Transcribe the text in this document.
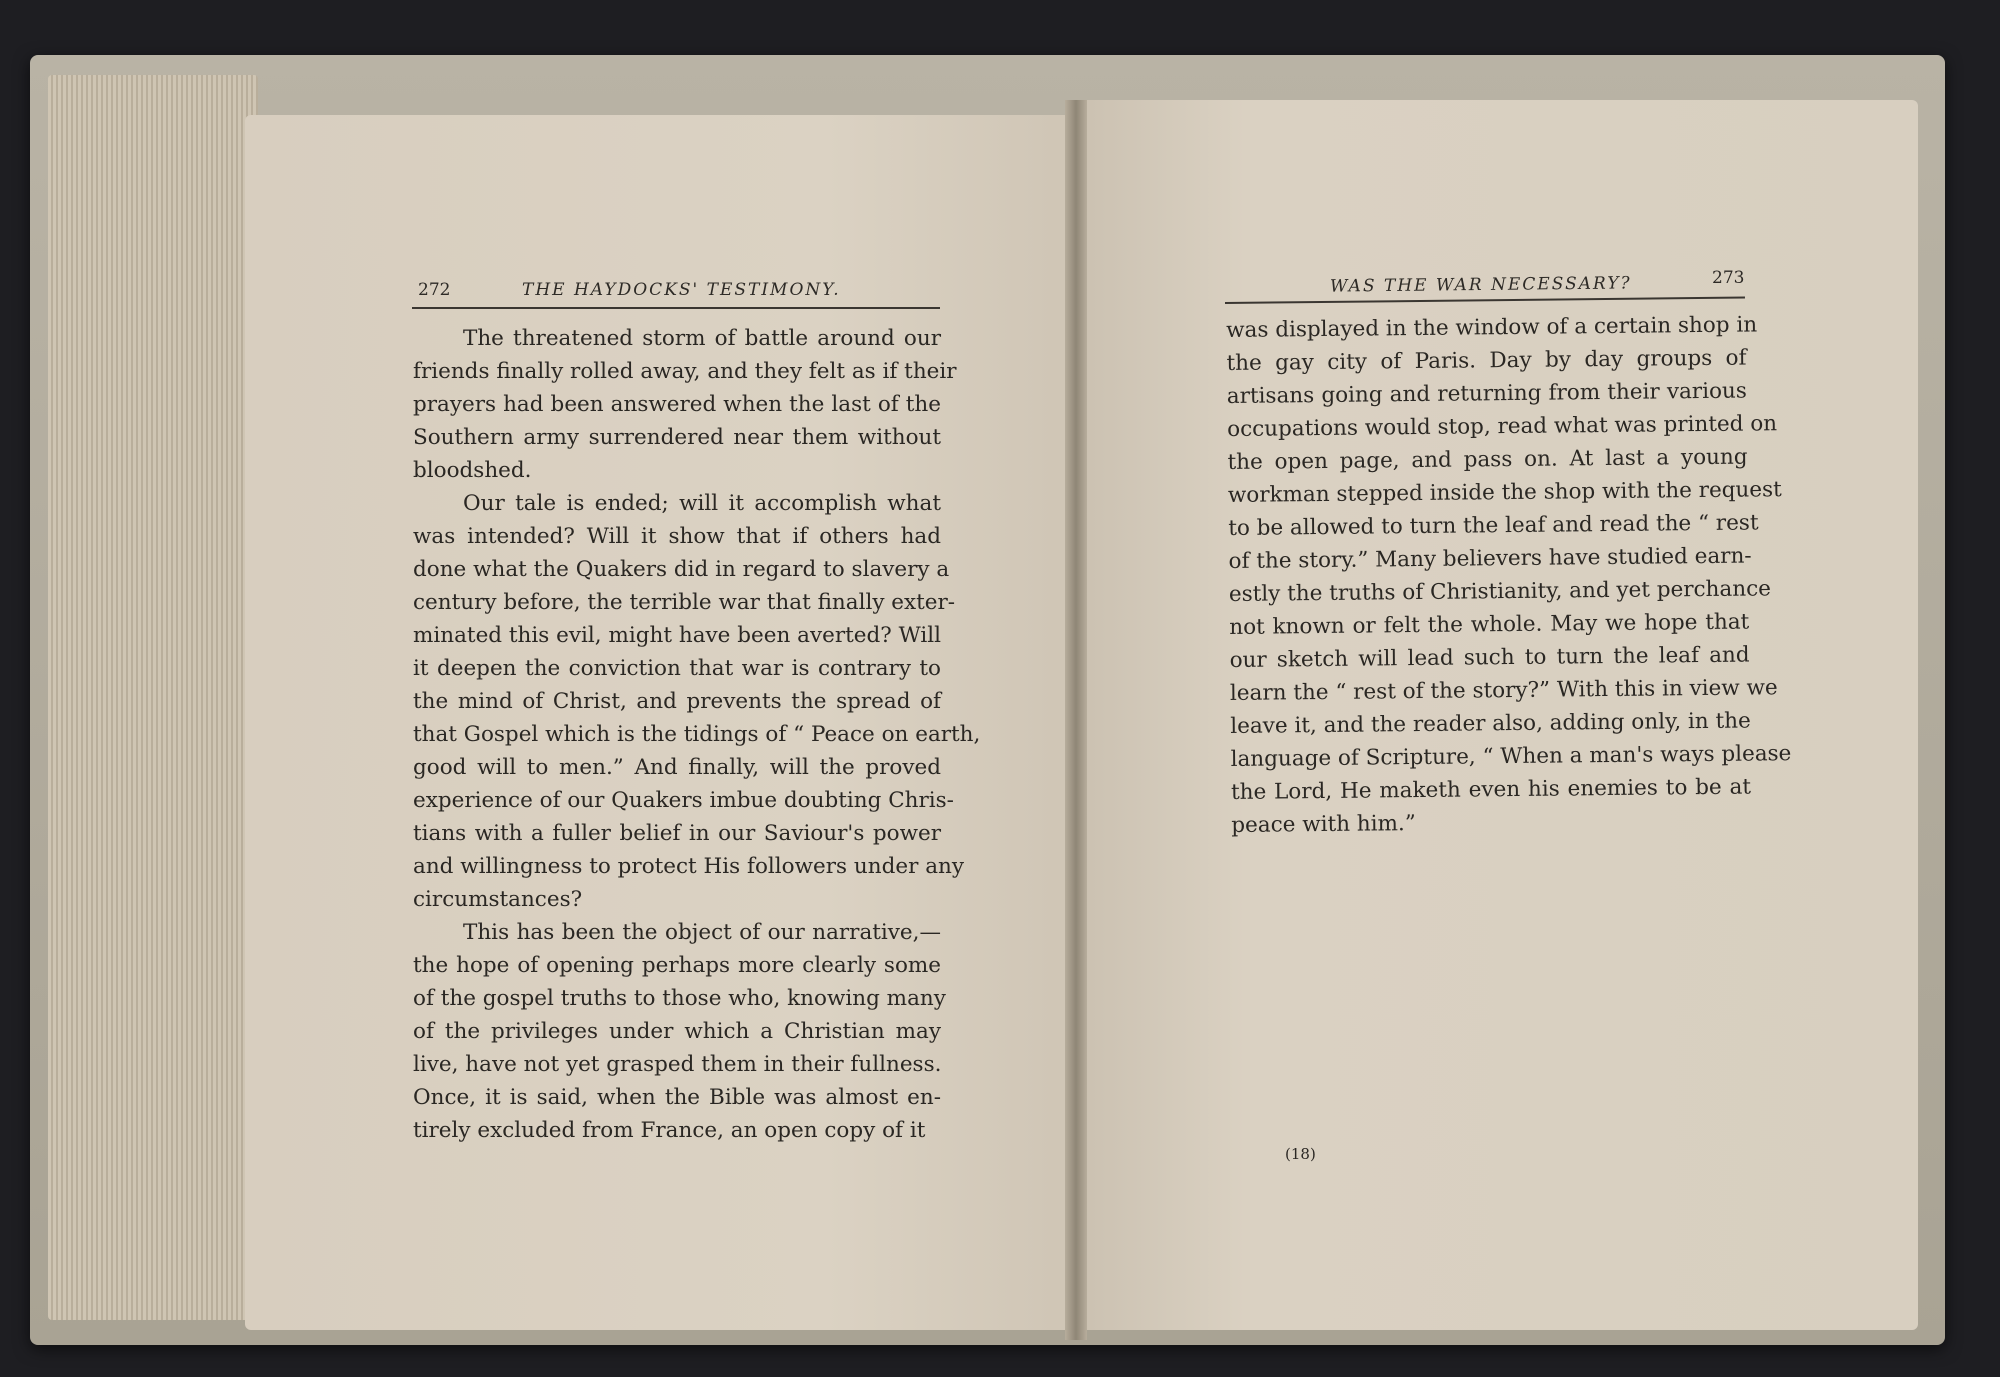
272	THE HAYDOCKS' TESTIMONY.
The threatened storm of battle around our
friends finally rolled away, and they felt as if their
prayers had been answered when the last of the
Southern army surrendered near them without
bloodshed.
Our tale is ended; will it accomplish what
was intended? Will it show that if others had
done what the Quakers did in regard to slavery a
century before, the terrible war that finally exter-
minated this evil, might have been averted? Will
it deepen the conviction that war is contrary to
the mind of Christ, and prevents the spread of
that Gospel which is the tidings of “ Peace on earth,
good will to men.” And finally, will the proved
experience of our Quakers imbue doubting Chris-
tians with a fuller belief in our Saviour's power
and willingness to protect His followers under any
circumstances?
This has been the object of our narrative,—
the hope of opening perhaps more clearly some
of the gospel truths to those who, knowing many
of the privileges under which a Christian may
live, have not yet grasped them in their fullness.
Once, it is said, when the Bible was almost en-
tirely excluded from France, an open copy of it
WAS THE WAR NECESSARY?	273
was displayed in the window of a certain shop in
the gay city of Paris. Day by day groups of
artisans going and returning from their various
occupations would stop, read what was printed on
the open page, and pass on. At last a young
workman stepped inside the shop with the request
to be allowed to turn the leaf and read the “ rest
of the story.” Many believers have studied earn-
estly the truths of Christianity, and yet perchance
not known or felt the whole. May we hope that
our sketch will lead such to turn the leaf and
learn the “ rest of the story?” With this in view we
leave it, and the reader also, adding only, in the
language of Scripture, “ When a man's ways please
the Lord, He maketh even his enemies to be at
peace with him.”
(18)
